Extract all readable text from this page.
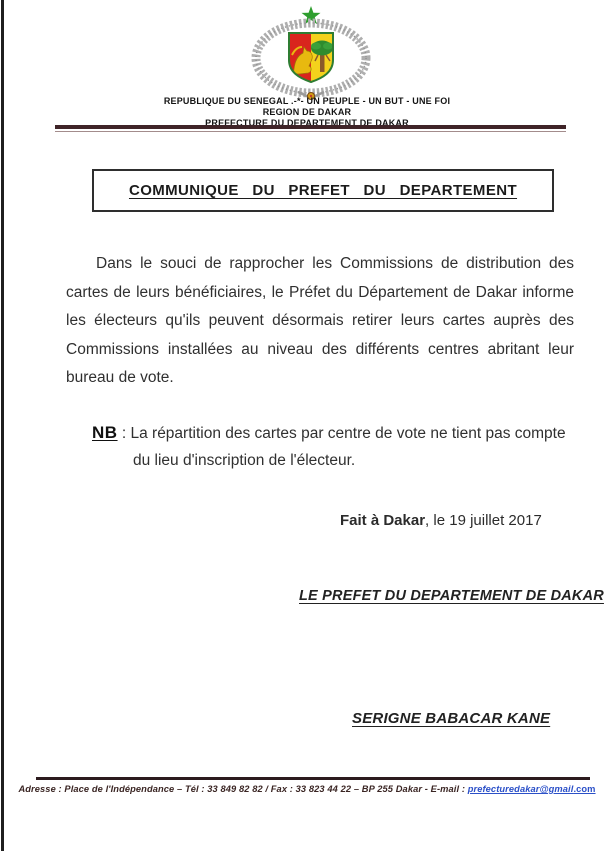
REPUBLIQUE DU SENEGAL .-*- UN PEUPLE - UN BUT - UNE FOI
REGION DE DAKAR
PREFECTURE DU DEPARTEMENT DE DAKAR
COMMUNIQUE DU PREFET DU DEPARTEMENT

Dans le souci de rapprocher les Commissions de distribution des cartes de leurs bénéficiaires, le Préfet du Département de Dakar informe les électeurs qu'ils peuvent désormais retirer leurs cartes auprès des Commissions installées au niveau des différents centres abritant leur bureau de vote.

NB : La répartition des cartes par centre de vote ne tient pas compte
du lieu d'inscription de l'électeur.
Fait à Dakar, le 19 juillet 2017
LE PREFET DU DEPARTEMENT DE DAKAR
SERIGNE BABACAR KANE
Adresse : Place de l'Indépendance – Tél : 33 849 82 82 / Fax : 33 823 44 22 – BP 255 Dakar - E-mail : prefecturedakar@gmail.com
